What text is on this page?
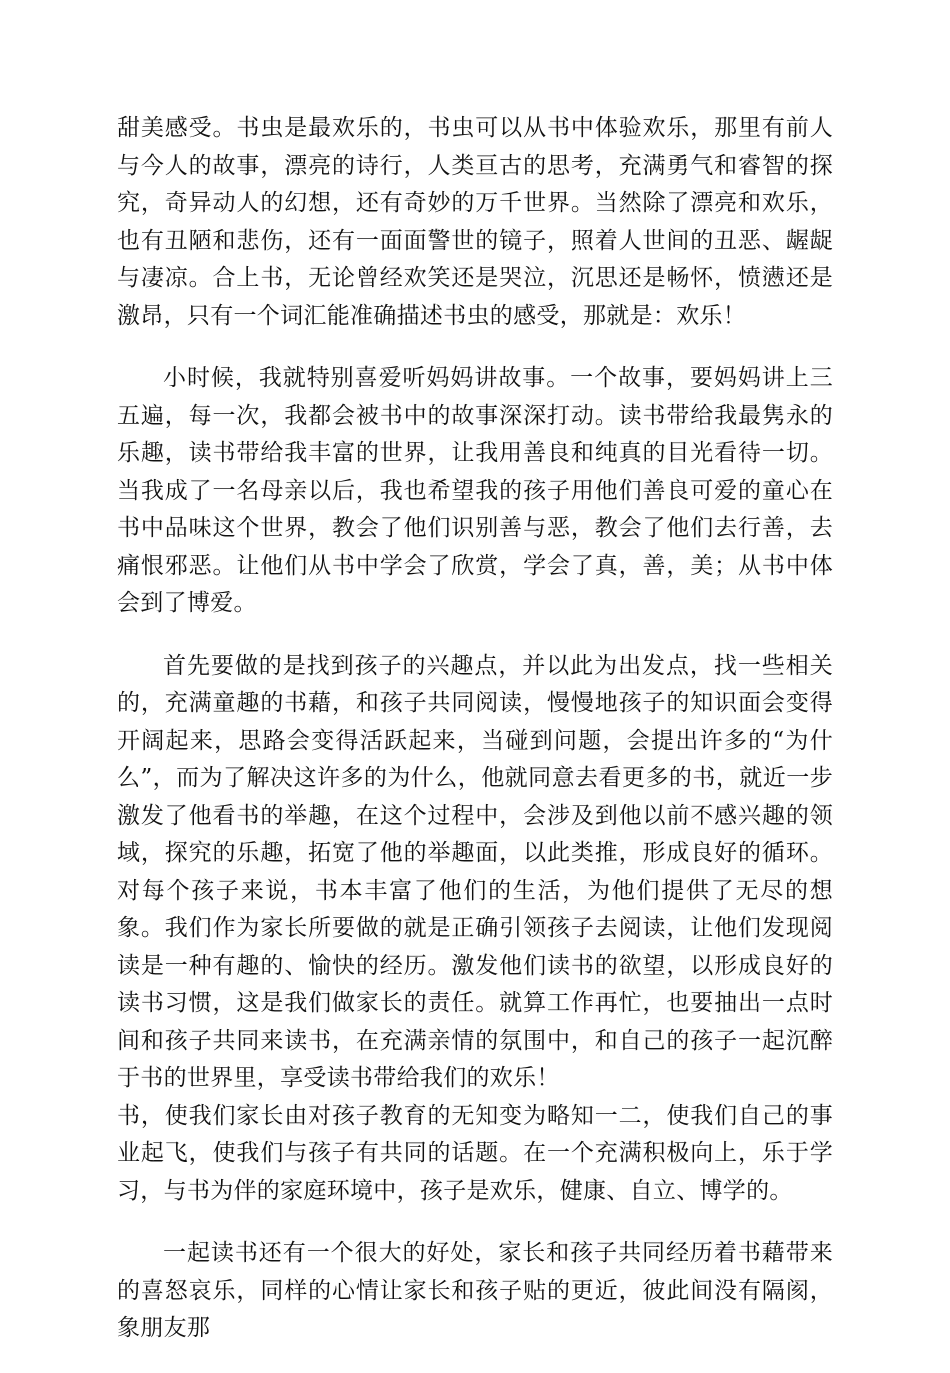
甜美感受。书虫是最欢乐的，书虫可以从书中体验欢乐，那里有前人与今人的故事，漂亮的诗行，人类亘古的思考，充满勇气和睿智的探究，奇异动人的幻想，还有奇妙的万千世界。当然除了漂亮和欢乐，也有丑陋和悲伤，还有一面面警世的镜子，照着人世间的丑恶、龌龊与凄凉。合上书，无论曾经欢笑还是哭泣，沉思还是畅怀，愤懑还是激昂，只有一个词汇能准确描述书虫的感受，那就是：欢乐！

小时候，我就特别喜爱听妈妈讲故事。一个故事，要妈妈讲上三五遍，每一次，我都会被书中的故事深深打动。读书带给我最隽永的乐趣，读书带给我丰富的世界，让我用善良和纯真的目光看待一切。当我成了一名母亲以后，我也希望我的孩子用他们善良可爱的童心在书中品味这个世界，教会了他们识别善与恶，教会了他们去行善，去痛恨邪恶。让他们从书中学会了欣赏，学会了真，善，美；从书中体会到了博爱。

首先要做的是找到孩子的兴趣点，并以此为出发点，找一些相关的，充满童趣的书藉，和孩子共同阅读，慢慢地孩子的知识面会变得开阔起来，思路会变得活跃起来，当碰到问题，会提出许多的“为什么”，而为了解决这许多的为什么，他就同意去看更多的书，就近一步激发了他看书的举趣，在这个过程中，会涉及到他以前不感兴趣的领域，探究的乐趣，拓宽了他的举趣面，以此类推，形成良好的循环。对每个孩子来说，书本丰富了他们的生活，为他们提供了无尽的想象。我们作为家长所要做的就是正确引领孩子去阅读，让他们发现阅读是一种有趣的、愉快的经历。激发他们读书的欲望，以形成良好的读书习惯，这是我们做家长的责任。就算工作再忙，也要抽出一点时间和孩子共同来读书，在充满亲情的氛围中，和自己的孩子一起沉醉于书的世界里，享受读书带给我们的欢乐！
书，使我们家长由对孩子教育的无知变为略知一二，使我们自己的事业起飞，使我们与孩子有共同的话题。在一个充满积极向上，乐于学习，与书为伴的家庭环境中，孩子是欢乐，健康、自立、博学的。

一起读书还有一个很大的好处，家长和孩子共同经历着书藉带来的喜怒哀乐，同样的心情让家长和孩子贴的更近，彼此间没有隔阂，象朋友那
